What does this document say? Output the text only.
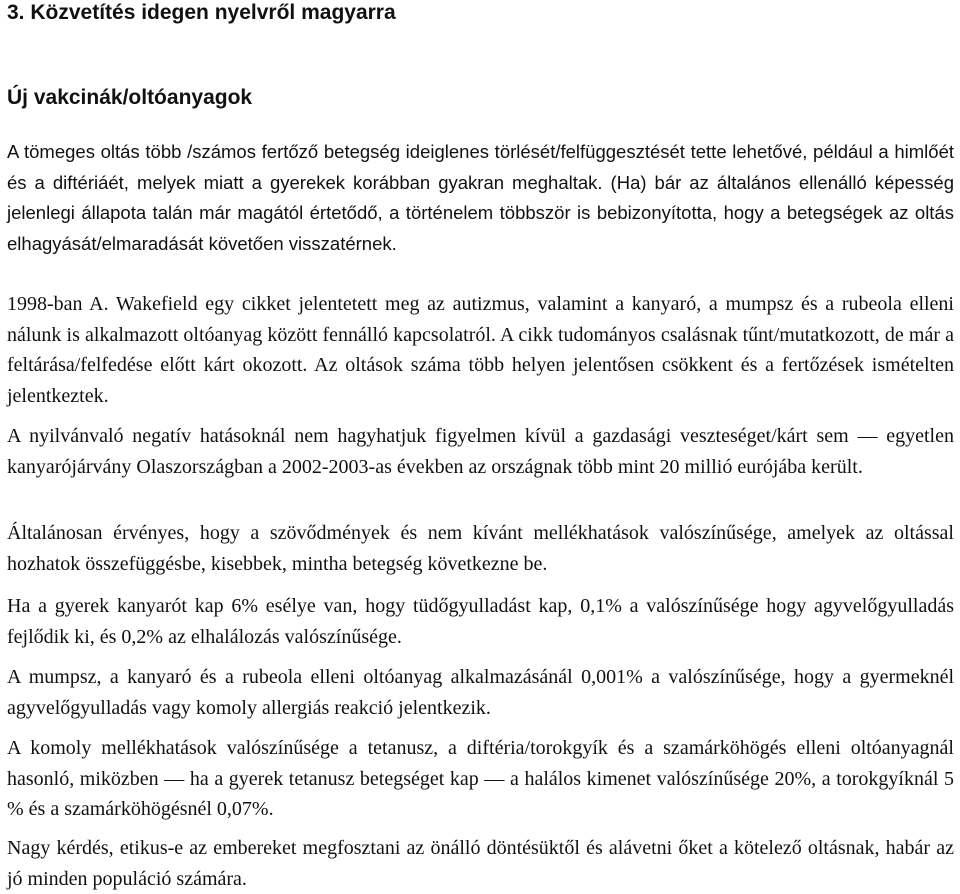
3. Közvetítés idegen nyelvről magyarra
Új vakcinák/oltóanyagok

A tömeges oltás több /számos fertőző betegség ideiglenes törlését/felfüggesztését tette lehetővé, például a himlőét és a diftériáét, melyek miatt a gyerekek korábban gyakran meghaltak. (Ha) bár az általános ellenálló képesség jelenlegi állapota talán már magától értetődő, a történelem többször is bebizonyította, hogy a betegségek az oltás elhagyását/elmaradását követően visszatérnek.

1998-ban A. Wakefield egy cikket jelentetett meg az autizmus, valamint a kanyaró, a mumpsz és a rubeola elleni nálunk is alkalmazott oltóanyag között fennálló kapcsolatról. A cikk tudományos csalásnak tűnt/mutatkozott, de már a feltárása/felfedése előtt kárt okozott. Az oltások száma több helyen jelentősen csökkent és a fertőzések ismételten jelentkeztek.

A nyilvánvaló negatív hatásoknál nem hagyhatjuk figyelmen kívül a gazdasági veszteséget/kárt sem — egyetlen kanyarójárvány Olaszországban a 2002-2003-as években az országnak több mint 20 millió eurójába került.

Általánosan érvényes, hogy a szövődmények és nem kívánt mellékhatások valószínűsége, amelyek az oltással hozhatok összefüggésbe, kisebbek, mintha betegség következne be.

Ha a gyerek kanyarót kap 6% esélye van, hogy tüdőgyulladást kap, 0,1% a valószínűsége hogy agyvelőgyulladás fejlődik ki, és 0,2% az elhalálozás valószínűsége.

A mumpsz, a kanyaró és a rubeola elleni oltóanyag alkalmazásánál 0,001% a valószínűsége, hogy a gyermeknél agyvelőgyulladás vagy komoly allergiás reakció jelentkezik.

A komoly mellékhatások valószínűsége a tetanusz, a diftéria/torokgyík és a szamárköhögés elleni oltóanyagnál hasonló, miközben — ha a gyerek tetanusz betegséget kap — a halálos kimenet valószínűsége 20%, a torokgyíknál 5 % és a szamárköhögésnél 0,07%.

Nagy kérdés, etikus-e az embereket megfosztani az önálló döntésüktől és alávetni őket a kötelező oltásnak, habár az jó minden populáció számára.
